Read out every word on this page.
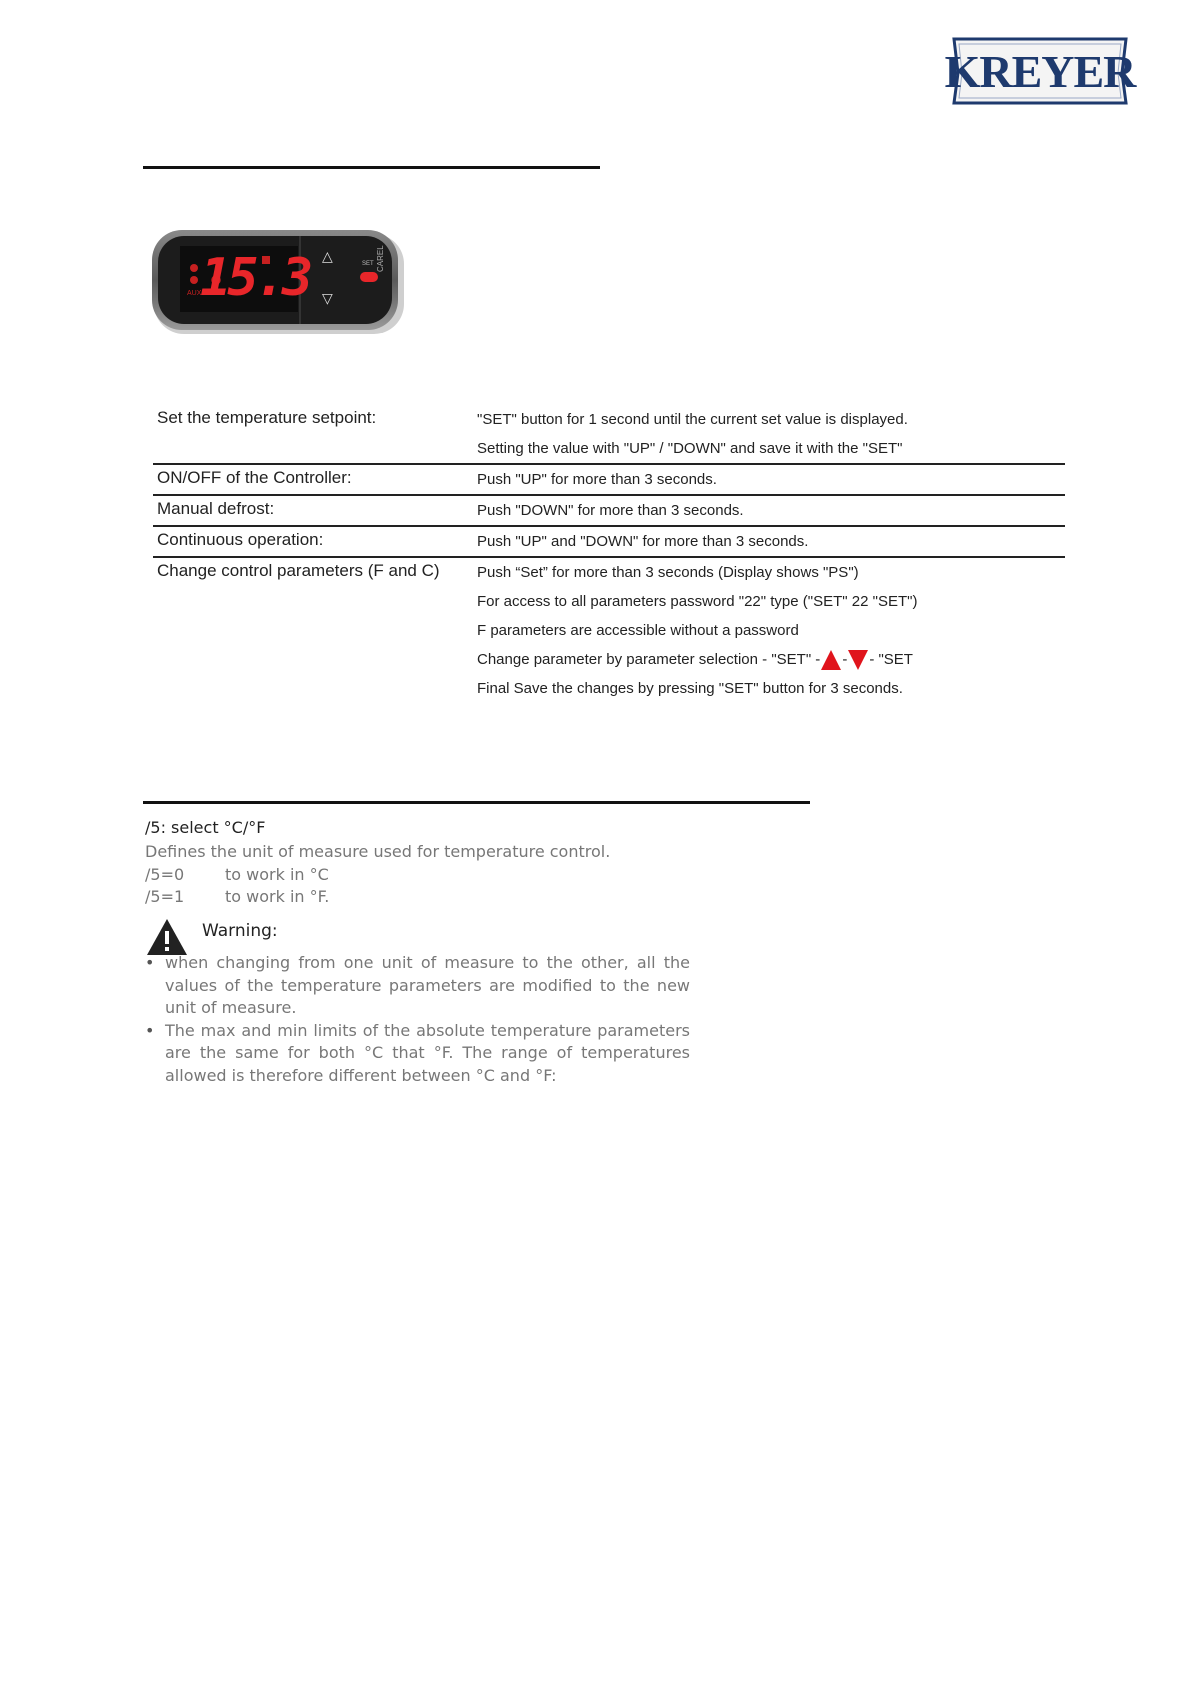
KREYER
15.3
AUX
△
▽
SET CAREL
Set the temperature setpoint:	"SET" button for 1 second until the current set value is displayed.
Setting the value with "UP" / "DOWN" and save it with the "SET"
ON/OFF of the Controller:	Push "UP" for more than 3 seconds.
Manual defrost:	Push "DOWN" for more than 3 seconds.
Continuous operation:	Push "UP" and "DOWN" for more than 3 seconds.
Change control parameters (F and C)	Push “Set” for more than 3 seconds (Display shows "PS")
For access to all parameters password "22" type ("SET" 22 "SET")
F parameters are accessible without a password
Change parameter by parameter selection - "SET" - - - "SET
Final Save the changes by pressing "SET" button for 3 seconds.
/5: select °C/°F
Defines the unit of measure used for temperature control.
/5=0	to work in °C
/5=1	to work in °F.
Warning:
• when changing from one unit of measure to the other, all the values of the temperature parameters are modified to the new unit of measure.
• The max and min limits of the absolute temperature parameters are the same for both °C that °F. The range of temperatures allowed is therefore different between °C and °F:
